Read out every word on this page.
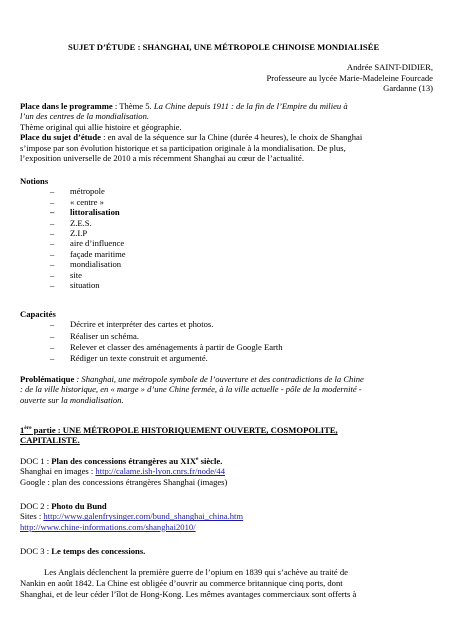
SUJET D’ÉTUDE : SHANGHAI, UNE MÉTROPOLE CHINOISE MONDIALISÉE
Andrée SAINT-DIDIER,
Professeure au lycée Marie-Madeleine Fourcade
Gardanne (13)
Place dans le programme : Thème 5. La Chine depuis 1911 : de la fin de l’Empire du milieu à
l’un des centres de la mondialisation.
Thème original qui allie histoire et géographie.
Place du sujet d’étude : en aval de la séquence sur la Chine (durée 4 heures), le choix de Shanghai
s’impose par son évolution historique et sa participation originale à la mondialisation. De plus,
l’exposition universelle de 2010 a mis récemment Shanghai au cœur de l’actualité.
Notions
– métropole
– « centre »
– littoralisation
– Z.E.S.
– Z.I.P
– aire d’influence
– façade maritime
– mondialisation
– site
– situation
Capacités
– Décrire et interpréter des cartes et photos.
– Réaliser un schéma.
– Relever et classer des aménagements à partir de Google Earth
– Rédiger un texte construit et argumenté.
Problématique : Shanghai, une métropole symbole de l’ouverture et des contradictions de la Chine
: de la ville historique, en « marge » d’une Chine fermée, à la ville actuelle - pôle de la modernité -
ouverte sur la mondialisation.
1ère partie : UNE MÉTROPOLE HISTORIQUEMENT OUVERTE, COSMOPOLITE,
CAPITALISTE.
DOC 1 : Plan des concessions étrangères au XIXe siècle.
Shanghai en images : http://calame.ish-lyon.cnrs.fr/node/44
Google : plan des concessions étrangères Shanghai (images)
DOC 2 : Photo du Bund
Sites : http://www.galenfrysinger.com/bund_shanghai_china.htm
http://www.chine-informations.com/shanghai2010/
DOC 3 : Le temps des concessions.
Les Anglais déclenchent la première guerre de l’opium en 1839 qui s’achève au traité de
Nankin en août 1842. La Chine est obligée d’ouvrir au commerce britannique cinq ports, dont
Shanghai, et de leur céder l’îlot de Hong-Kong. Les mêmes avantages commerciaux sont offerts à
